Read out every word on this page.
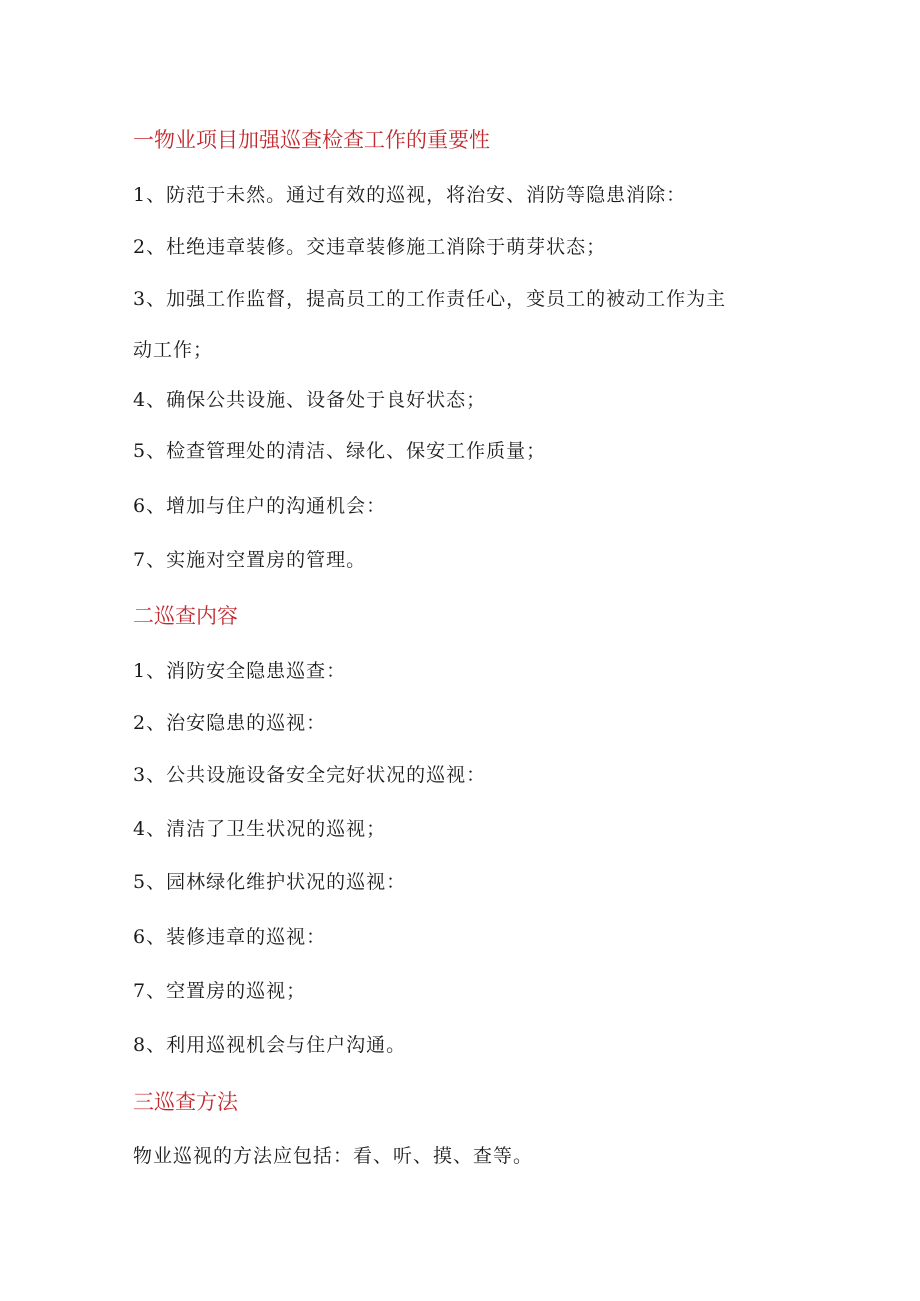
一物业项目加强巡查检查工作的重要性
1、防范于未然。通过有效的巡视，将治安、消防等隐患消除：
2、杜绝违章装修。交违章装修施工消除于萌芽状态；
3、加强工作监督，提高员工的工作责任心，变员工的被动工作为主
动工作；
4、确保公共设施、设备处于良好状态；
5、检查管理处的清洁、绿化、保安工作质量；
6、增加与住户的沟通机会：
7、实施对空置房的管理。
二巡查内容
1、消防安全隐患巡查：
2、治安隐患的巡视：
3、公共设施设备安全完好状况的巡视：
4、清洁了卫生状况的巡视；
5、园林绿化维护状况的巡视：
6、装修违章的巡视：
7、空置房的巡视；
8、利用巡视机会与住户沟通。
三巡查方法
物业巡视的方法应包括：看、听、摸、查等。
